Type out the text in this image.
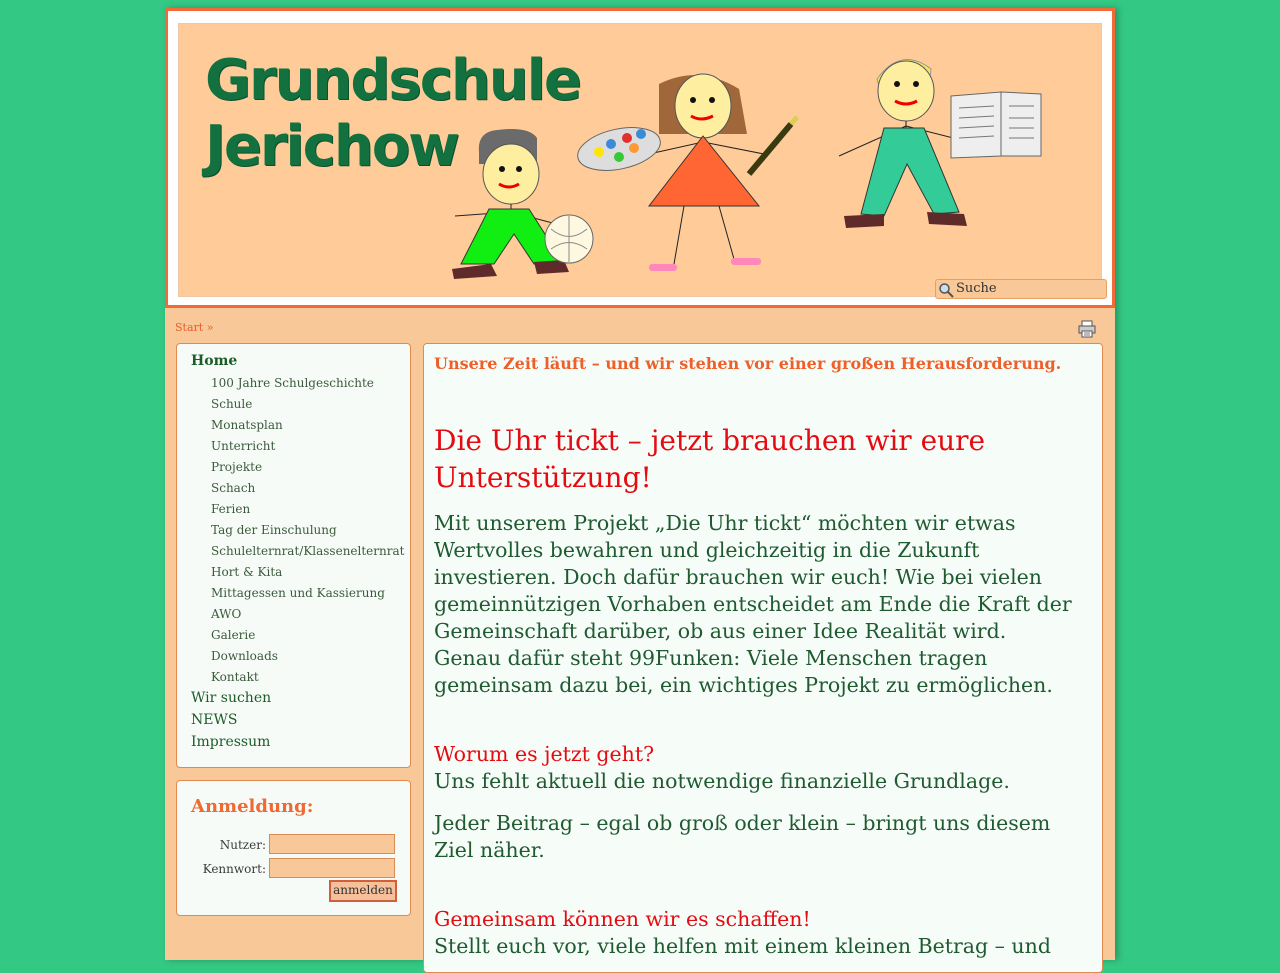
Grundschule
Jerichow
Suche
Start »
Home
100 Jahre Schulgeschichte
Schule
Monatsplan
Unterricht
Projekte
Schach
Ferien
Tag der Einschulung
Schulelternrat/Klassenelternrat
Hort & Kita
Mittagessen und Kassierung
AWO
Galerie
Downloads
Kontakt
Wir suchen
NEWS
Impressum
Anmeldung:
Nutzer:
Kennwort:
anmelden
Unsere Zeit läuft – und wir stehen vor einer großen Herausforderung.
Die Uhr tickt – jetzt brauchen wir eure Unterstützung!
Mit unserem Projekt „Die Uhr tickt“ möchten wir etwas Wertvolles bewahren und gleichzeitig in die Zukunft investieren. Doch dafür brauchen wir euch! Wie bei vielen gemeinnützigen Vorhaben entscheidet am Ende die Kraft der Gemeinschaft darüber, ob aus einer Idee Realität wird.
Genau dafür steht 99Funken: Viele Menschen tragen gemeinsam dazu bei, ein wichtiges Projekt zu ermöglichen.
Worum es jetzt geht?
Uns fehlt aktuell die notwendige finanzielle Grundlage.
Jeder Beitrag – egal ob groß oder klein – bringt uns diesem Ziel näher.
Gemeinsam können wir es schaffen!
Stellt euch vor, viele helfen mit einem kleinen Betrag – und
